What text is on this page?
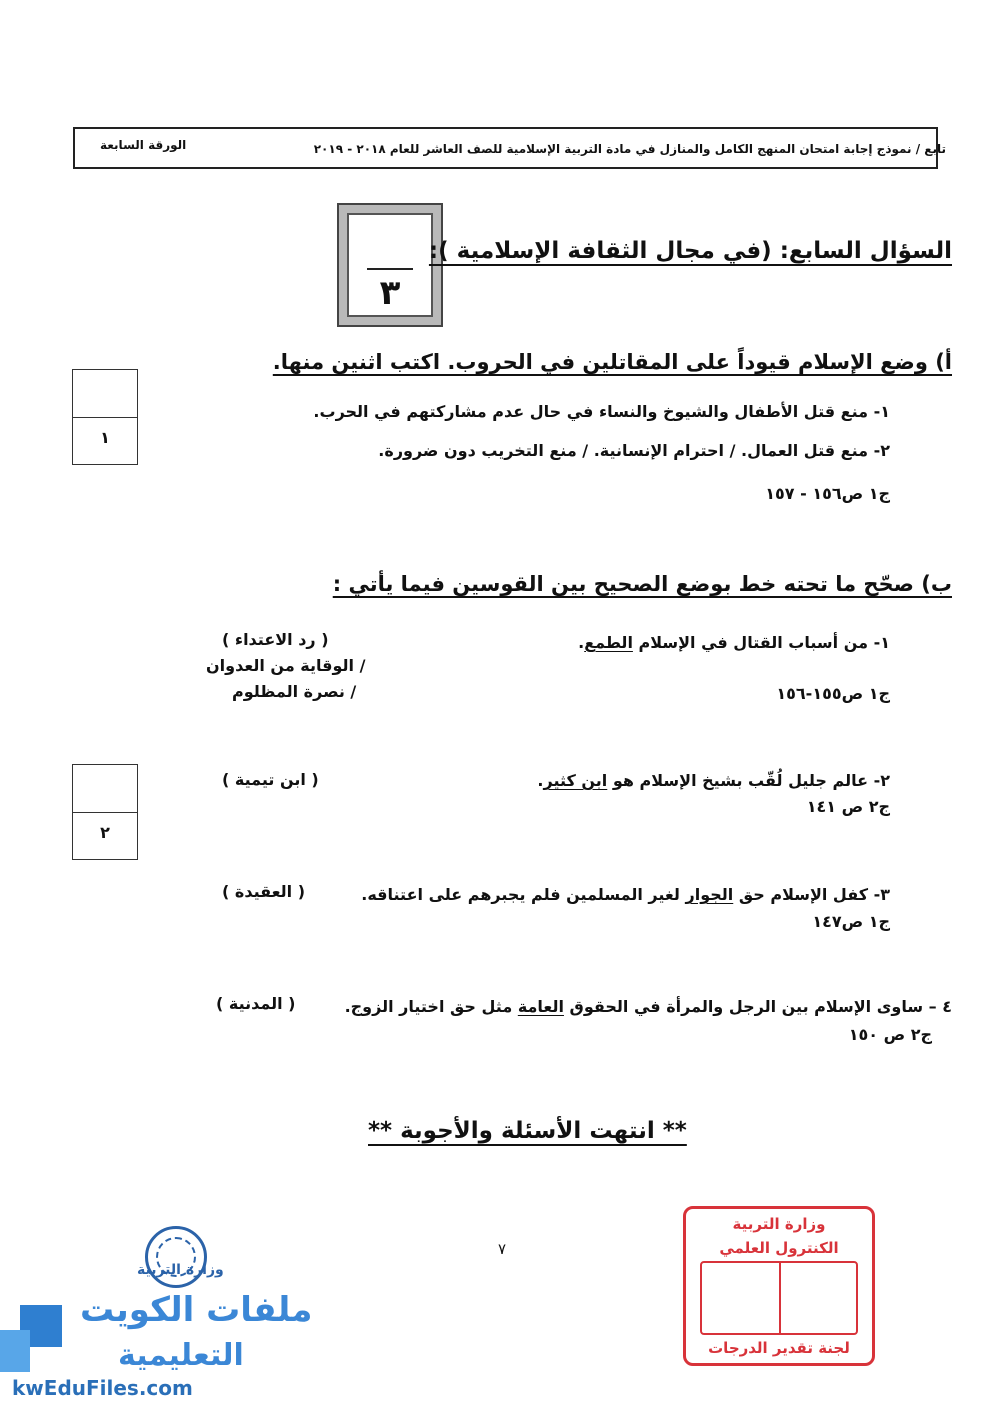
تابع / نموذج إجابة امتحان المنهج الكامل والمنازل في مادة التربية الإسلامية للصف العاشر للعام ٢٠١٨ - ٢٠١٩
الورقة السابعة
٣
السؤال السابع: (في مجال الثقافة الإسلامية ):
أ) وضع الإسلام قيوداً على المقاتلين في الحروب. اكتب اثنين منها.
١
١- منع قتل الأطفال والشيوخ والنساء في حال عدم مشاركتهم في الحرب.
٢- منع قتل العمال. / احترام الإنسانية. / منع التخريب دون ضرورة.
ج١ ص١٥٦ - ١٥٧
ب) صحّح ما تحته خط بوضع الصحيح بين القوسين فيما يأتي :
٢
١- من أسباب القتال في الإسلام الطمع.
ج١ ص١٥٥-١٥٦
( رد الاعتداء )
/ الوقاية من العدوان
/ نصرة المظلوم
٢- عالم جليل لُقّب بشيخ الإسلام هو ابن كثير.
ج٢ ص ١٤١
( ابن تيمية )
٣- كفل الإسلام حق الجوار لغير المسلمين فلم يجبرهم على اعتناقه.
ج١ ص١٤٧
( العقيدة )
٤ – ساوى الإسلام بين الرجل والمرأة في الحقوق العامة مثل حق اختيار الزوج.
ج٢ ص ١٥٠
( المدنية )
** انتهت الأسئلة والأجوبة **
٧
وزارة التربية
الكنترول العلمي
لجنة تقدير الدرجات
وزارة التربية
ملفات الكويت
التعليمية
kwEduFiles.com
